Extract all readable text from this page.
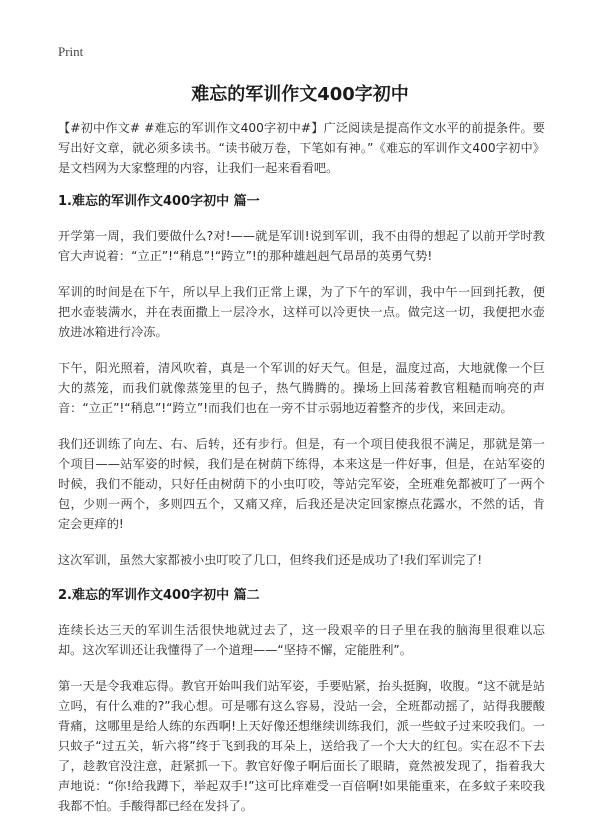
Print
难忘的军训作文400字初中

【#初中作文# #难忘的军训作文400字初中#】广泛阅读是提高作文水平的前提条件。要写出好文章，就必须多读书。“读书破万卷，下笔如有神。”《难忘的军训作文400字初中》是文档网为大家整理的内容，让我们一起来看看吧。

1.难忘的军训作文400字初中 篇一

开学第一周，我们要做什么?对!——就是军训!说到军训，我不由得的想起了以前开学时教官大声说着：“立正”!“稍息”!“跨立”!的那种雄赳赳气昂昂的英勇气势!

军训的时间是在下午，所以早上我们正常上课，为了下午的军训，我中午一回到托教，便把水壶装满水，并在表面撒上一层冷水，这样可以冷更快一点。做完这一切，我便把水壶放进冰箱进行冷冻。

下午，阳光照着，清风吹着，真是一个军训的好天气。但是，温度过高，大地就像一个巨大的蒸笼，而我们就像蒸笼里的包子，热气腾腾的。操场上回荡着教官粗糙而响亮的声音：“立正”!“稍息”!“跨立”!而我们也在一旁不甘示弱地迈着整齐的步伐，来回走动。

我们还训练了向左、右、后转，还有步行。但是，有一个项目使我很不满足，那就是第一个项目——站军姿的时候，我们是在树荫下练得，本来这是一件好事，但是，在站军姿的时候，我们不能动，只好任由树荫下的小虫叮咬，等站完军姿，全班难免都被叮了一两个包，少则一两个，多则四五个，又痛又痒，后我还是决定回家擦点花露水，不然的话，肯定会更痒的!

这次军训，虽然大家都被小虫叮咬了几口，但终我们还是成功了!我们军训完了!

2.难忘的军训作文400字初中 篇二

连续长达三天的军训生活很快地就过去了，这一段艰辛的日子里在我的脑海里很难以忘却。这次军训还让我懂得了一个道理——“坚持不懈，定能胜利”。

第一天是令我难忘得。教官开始叫我们站军姿，手要贴紧，抬头挺胸，收腹。“这不就是站立吗，有什么难的?”我心想。可是哪有这么容易，没站一会，全班都动摇了，站得我腰酸背痛，这哪里是给人练的东西啊!上天好像还想继续训练我们，派一些蚊子过来咬我们。一只蚊子“过五关，斩六将”终于飞到我的耳朵上，送给我了一个大大的红包。实在忍不下去了，趁教官没注意，赶紧抓一下。教官好像子啊后面长了眼睛，竟然被发现了，指着我大声地说：“你!给我蹲下，举起双手!”这可比痒难受一百倍啊!如果能重来，在多蚊子来咬我我都不怕。手酸得都已经在发抖了。
